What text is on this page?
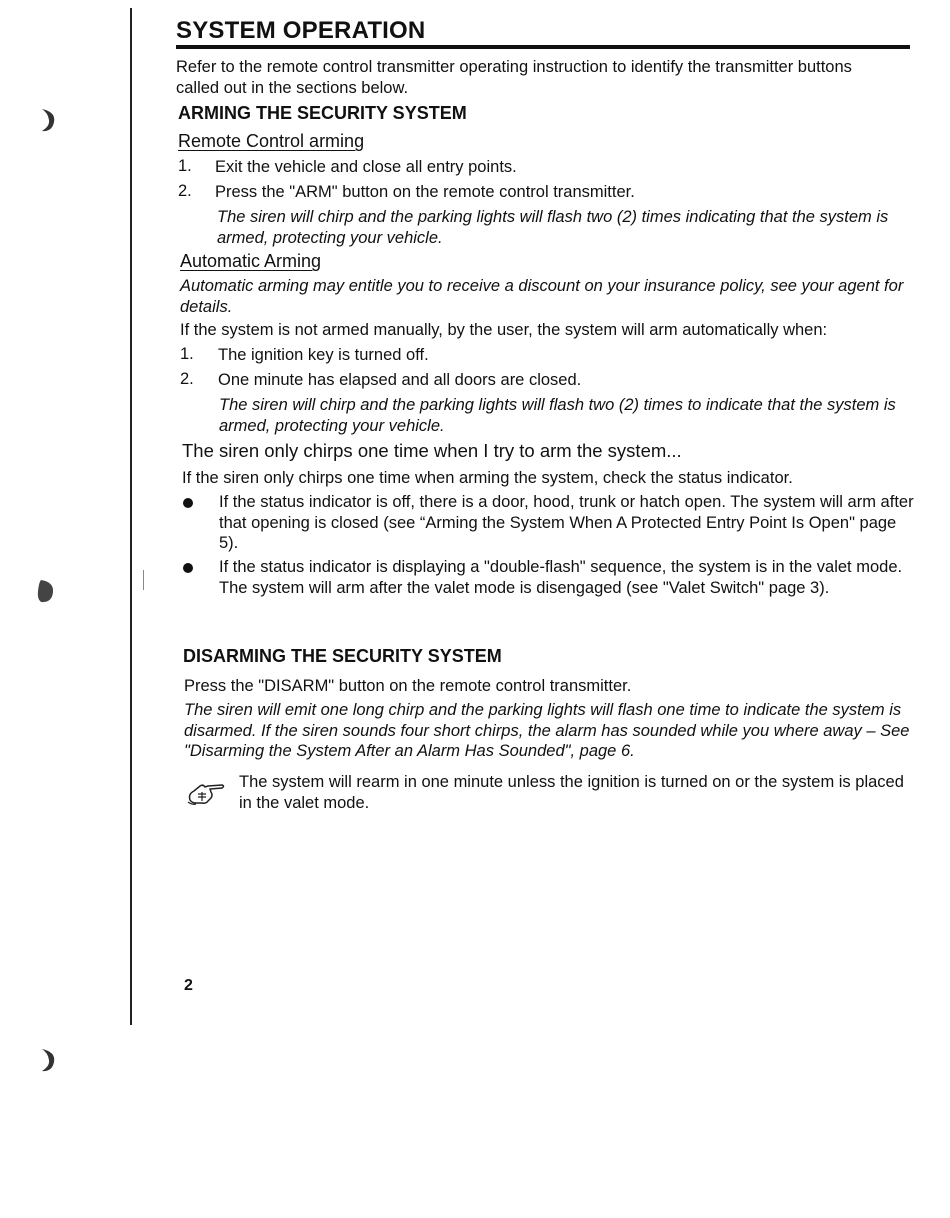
SYSTEM OPERATION

Refer to the remote control transmitter operating instruction to identify the transmitter buttons called out in the sections below.

ARMING THE SECURITY SYSTEM
Remote Control arming
1. Exit the vehicle and close all entry points.
2. Press the "ARM" button on the remote control transmitter.

The siren will chirp and the parking lights will flash two (2) times indicating that the system is armed, protecting your vehicle.

Automatic Arming

Automatic arming may entitle you to receive a discount on your insurance policy, see your agent for details.

If the system is not armed manually, by the user, the system will arm automatically when:

1. The ignition key is turned off.
2. One minute has elapsed and all doors are closed.

The siren will chirp and the parking lights will flash two (2) times to indicate that the system is armed, protecting your vehicle.

The siren only chirps one time when I try to arm the system...

If the siren only chirps one time when arming the system, check the status indicator.

If the status indicator is off, there is a door, hood, trunk or hatch open. The system will arm after that opening is closed (see “Arming the System When A Protected Entry Point Is Open" page 5).

If the status indicator is displaying a "double-flash" sequence, the system is in the valet mode. The system will arm after the valet mode is disengaged (see "Valet Switch" page 3).

DISARMING THE SECURITY SYSTEM

Press the "DISARM" button on the remote control transmitter.

The siren will emit one long chirp and the parking lights will flash one time to indicate the system is disarmed. If the siren sounds four short chirps, the alarm has sounded while you where away – See "Disarming the System After an Alarm Has Sounded", page 6.

The system will rearm in one minute unless the ignition is turned on or the system is placed in the valet mode.

2
